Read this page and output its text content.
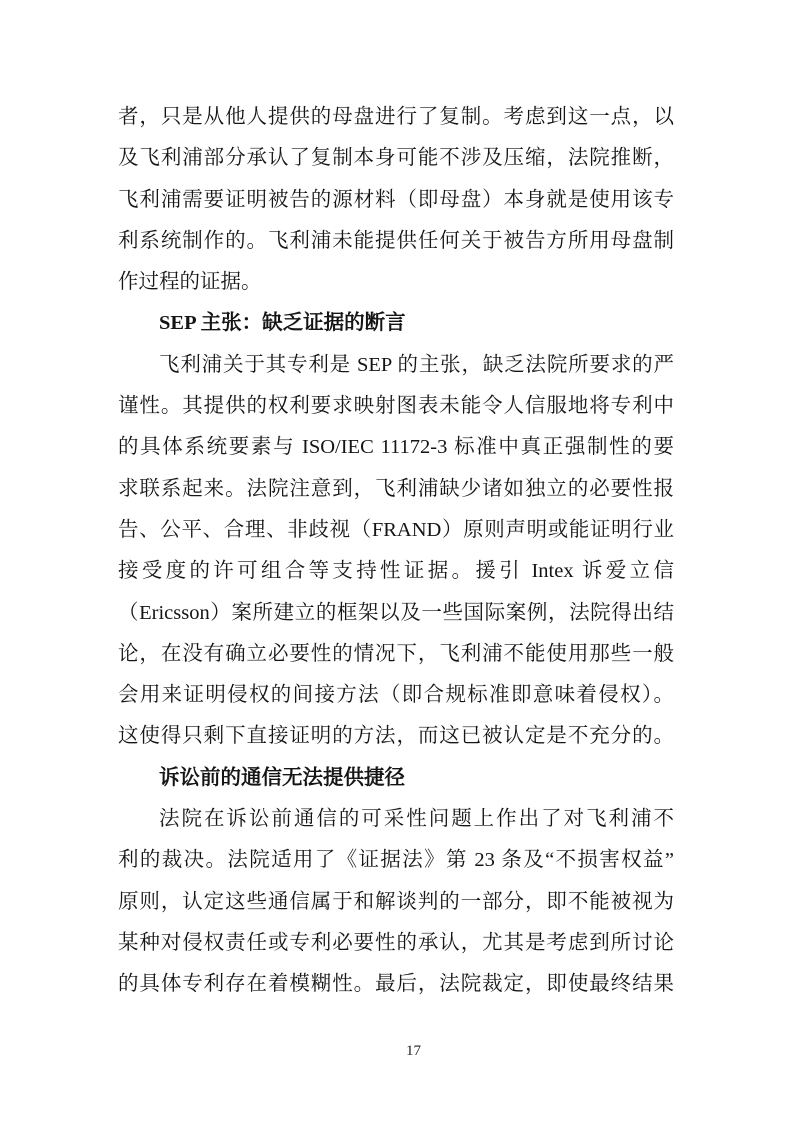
者，只是从他人提供的母盘进行了复制。考虑到这一点，以
及飞利浦部分承认了复制本身可能不涉及压缩，法院推断，
飞利浦需要证明被告的源材料（即母盘）本身就是使用该专
利系统制作的。飞利浦未能提供任何关于被告方所用母盘制
作过程的证据。
SEP 主张：缺乏证据的断言
飞利浦关于其专利是 SEP 的主张，缺乏法院所要求的严
谨性。其提供的权利要求映射图表未能令人信服地将专利中
的具体系统要素与 ISO/IEC 11172-3 标准中真正强制性的要
求联系起来。法院注意到，飞利浦缺少诸如独立的必要性报
告、公平、合理、非歧视（FRAND）原则声明或能证明行业
接受度的许可组合等支持性证据。援引 Intex 诉爱立信
（Ericsson）案所建立的框架以及一些国际案例，法院得出结
论，在没有确立必要性的情况下，飞利浦不能使用那些一般
会用来证明侵权的间接方法（即合规标准即意味着侵权）。
这使得只剩下直接证明的方法，而这已被认定是不充分的。
诉讼前的通信无法提供捷径
法院在诉讼前通信的可采性问题上作出了对飞利浦不
利的裁决。法院适用了《证据法》第 23 条及“不损害权益”
原则，认定这些通信属于和解谈判的一部分，即不能被视为
某种对侵权责任或专利必要性的承认，尤其是考虑到所讨论
的具体专利存在着模糊性。最后，法院裁定，即使最终结果
17
